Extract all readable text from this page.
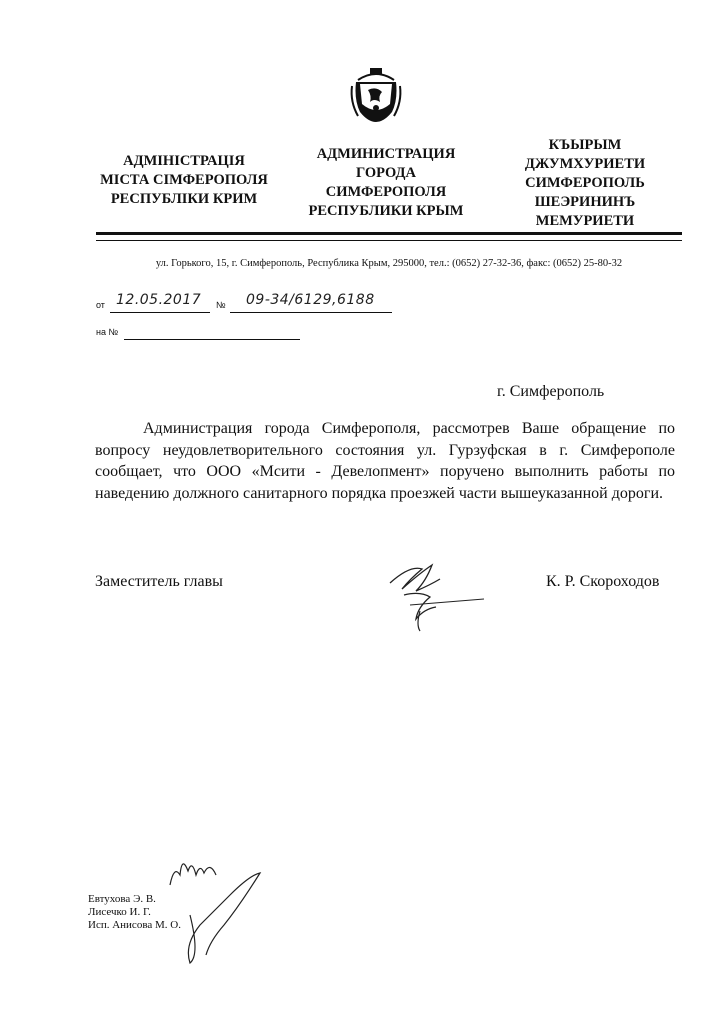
АДМІНІСТРАЦІЯ
МІСТА СІМФЕРОПОЛЯ
РЕСПУБЛІКИ КРИМ
АДМИНИСТРАЦИЯ
ГОРОДА
СИМФЕРОПОЛЯ
РЕСПУБЛИКИ КРЫМ
КЪЫРЫМ
ДЖУМХУРИЕТИ
СИМФЕРОПОЛЬ
ШЕЭРИНИНЪ
МЕМУРИЕТИ
ул. Горького, 15, г. Симферополь, Республика Крым, 295000, тел.: (0652) 27-32-36, факс: (0652) 25-80-32
от 12.05.2017 № 09-34/6129,6188
на №
г. Симферополь
Администрация города Симферополя, рассмотрев Ваше обращение по вопросу неудовлетворительного состояния ул. Гурзуфская в г. Симферополе сообщает, что ООО «Мсити - Девелопмент» поручено выполнить работы по наведению должного санитарного порядка проезжей части вышеуказанной дороги.
Заместитель главы	К. Р. Скороходов
Евтухова Э. В.
Лисечко И. Г.
Исп. Анисова М. О.
